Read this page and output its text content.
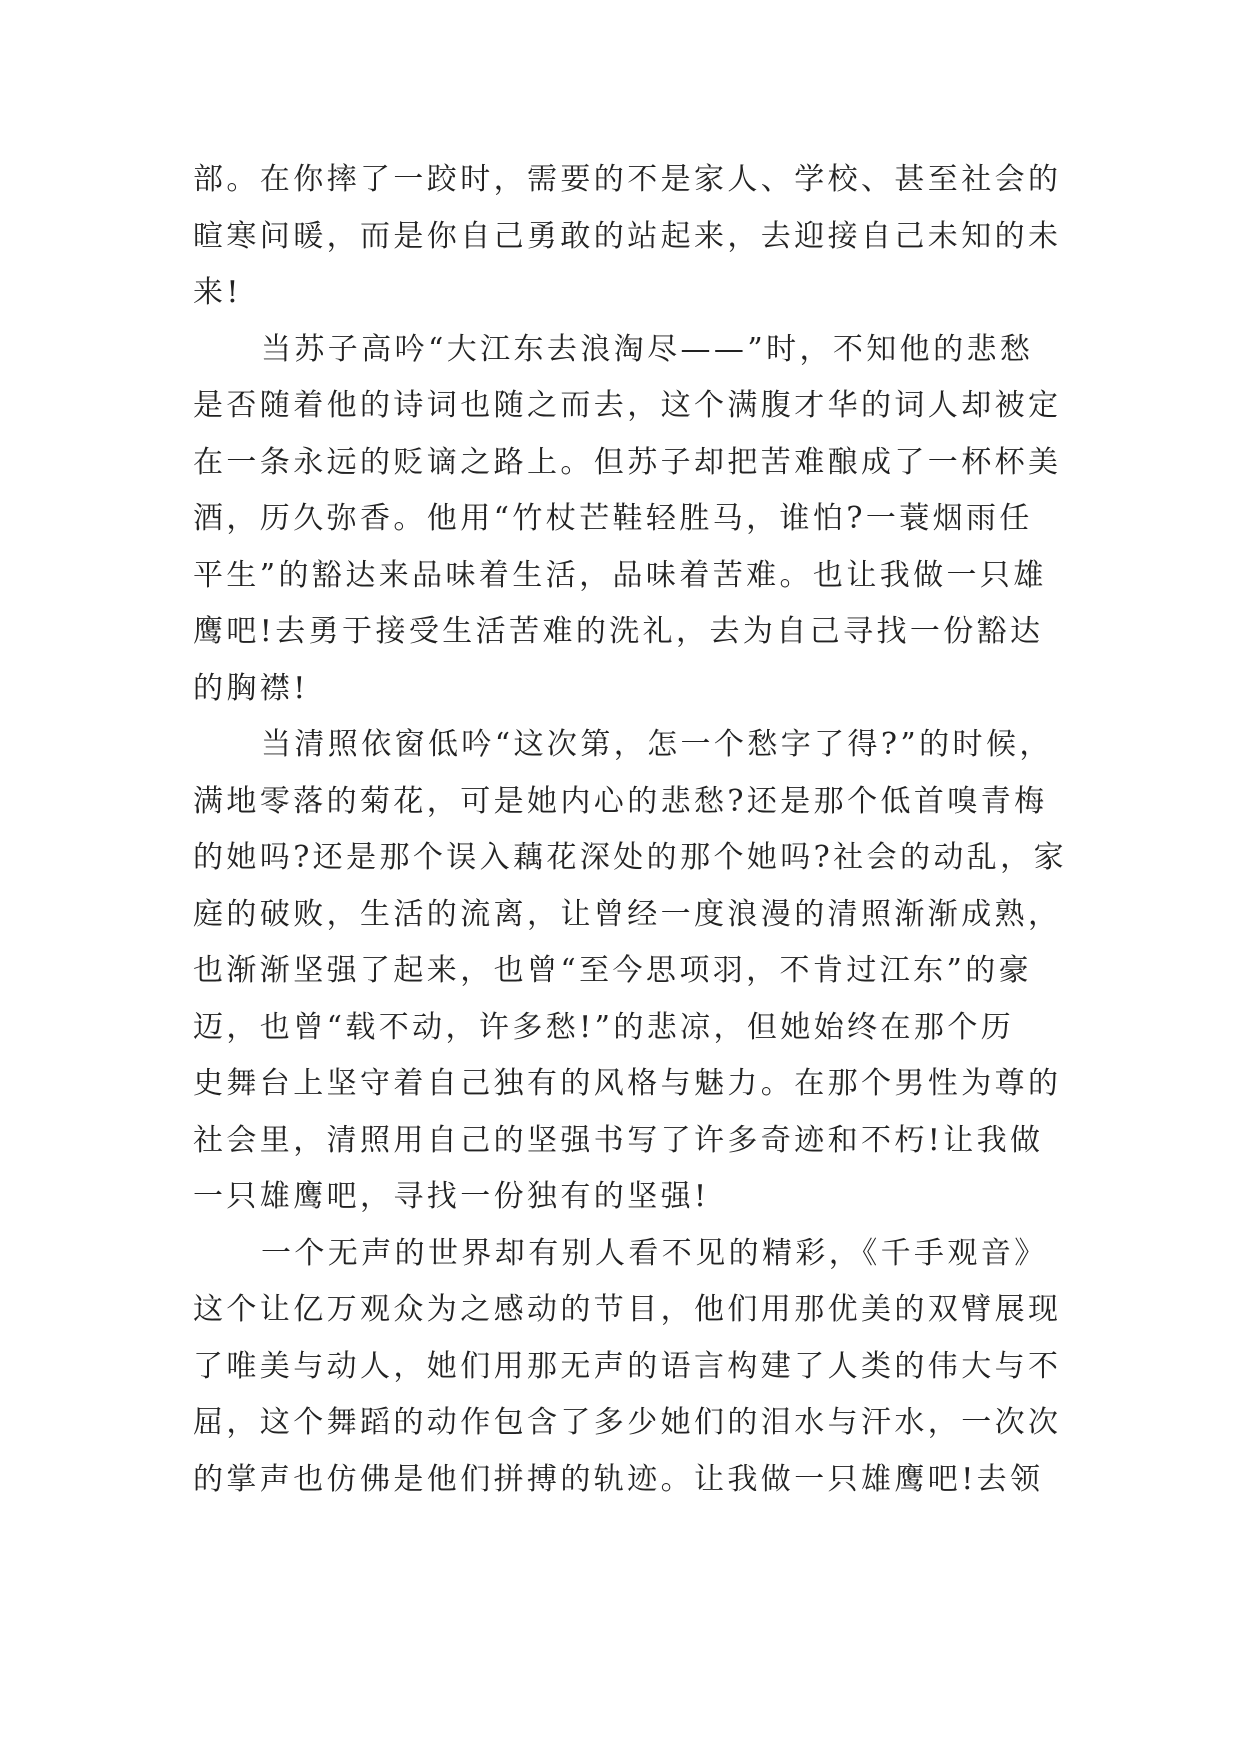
部。在你摔了一跤时，需要的不是家人、学校、甚至社会的
暄寒问暖，而是你自己勇敢的站起来，去迎接自己未知的未
来!
当苏子高吟“大江东去浪淘尽——”时，不知他的悲愁
是否随着他的诗词也随之而去，这个满腹才华的词人却被定
在一条永远的贬谪之路上。但苏子却把苦难酿成了一杯杯美
酒，历久弥香。他用“竹杖芒鞋轻胜马，谁怕?一蓑烟雨任
平生”的豁达来品味着生活，品味着苦难。也让我做一只雄
鹰吧!去勇于接受生活苦难的洗礼，去为自己寻找一份豁达
的胸襟!
当清照依窗低吟“这次第，怎一个愁字了得?”的时候，
满地零落的菊花，可是她内心的悲愁?还是那个低首嗅青梅
的她吗?还是那个误入藕花深处的那个她吗?社会的动乱，家
庭的破败，生活的流离，让曾经一度浪漫的清照渐渐成熟，
也渐渐坚强了起来，也曾“至今思项羽，不肯过江东”的豪
迈，也曾“载不动，许多愁!”的悲凉，但她始终在那个历
史舞台上坚守着自己独有的风格与魅力。在那个男性为尊的
社会里，清照用自己的坚强书写了许多奇迹和不朽!让我做
一只雄鹰吧，寻找一份独有的坚强!
一个无声的世界却有别人看不见的精彩，《千手观音》
这个让亿万观众为之感动的节目，他们用那优美的双臂展现
了唯美与动人，她们用那无声的语言构建了人类的伟大与不
屈，这个舞蹈的动作包含了多少她们的泪水与汗水，一次次
的掌声也仿佛是他们拼搏的轨迹。让我做一只雄鹰吧!去领
